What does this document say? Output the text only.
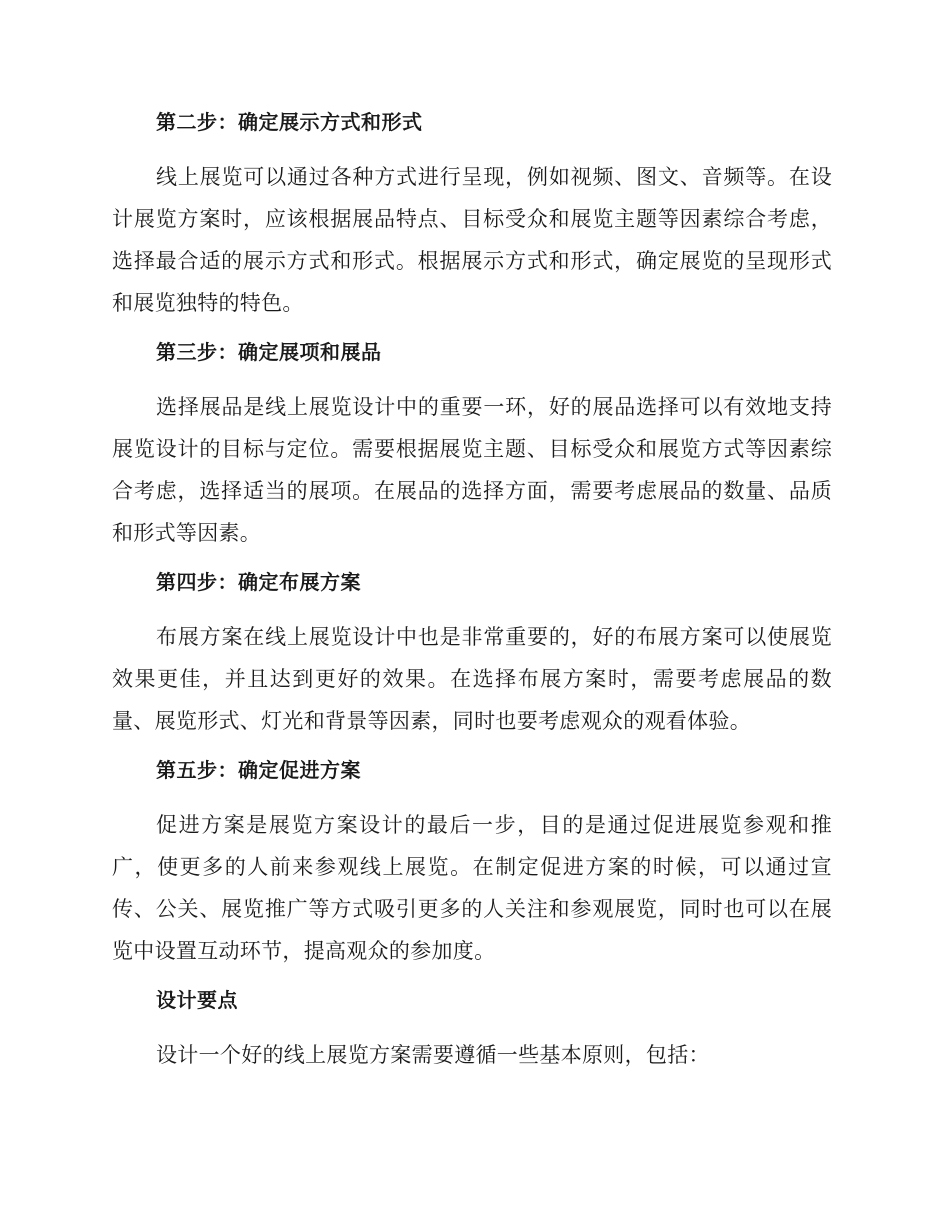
第二步：确定展示方式和形式

线上展览可以通过各种方式进行呈现，例如视频、图文、音频等。在设计展览方案时，应该根据展品特点、目标受众和展览主题等因素综合考虑，选择最合适的展示方式和形式。根据展示方式和形式，确定展览的呈现形式和展览独特的特色。

第三步：确定展项和展品

选择展品是线上展览设计中的重要一环，好的展品选择可以有效地支持展览设计的目标与定位。需要根据展览主题、目标受众和展览方式等因素综合考虑，选择适当的展项。在展品的选择方面，需要考虑展品的数量、品质和形式等因素。

第四步：确定布展方案

布展方案在线上展览设计中也是非常重要的，好的布展方案可以使展览效果更佳，并且达到更好的效果。在选择布展方案时，需要考虑展品的数量、展览形式、灯光和背景等因素，同时也要考虑观众的观看体验。

第五步：确定促进方案

促进方案是展览方案设计的最后一步，目的是通过促进展览参观和推广，使更多的人前来参观线上展览。在制定促进方案的时候，可以通过宣传、公关、展览推广等方式吸引更多的人关注和参观展览，同时也可以在展览中设置互动环节，提高观众的参加度。

设计要点

设计一个好的线上展览方案需要遵循一些基本原则，包括：
